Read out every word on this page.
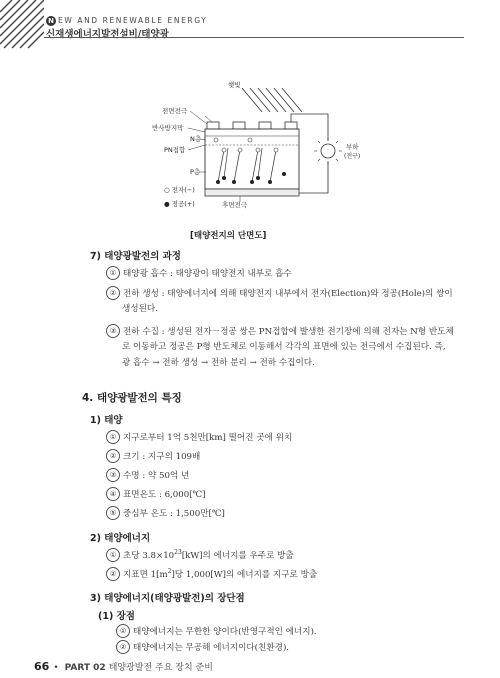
N EW AND RENEWABLE ENERGY
신재생에너지발전설비/태양광
햇빛
부하
(전구)
전면전극
반사방지막
N층
PN접합
P층
○ 전자(−)
● 정공(+)	후면전극
[태양전지의 단면도]
7) 태양광발전의 과정
① 태양광 흡수 : 태양광이 태양전지 내부로 흡수
② 전하 생성 : 태양에너지에 의해 태양전지 내부에서 전자(Election)와 정공(Hole)의 쌍이
생성된다.
③ 전하 수집 : 생성된 전자－정공 쌍은 PN접합에 발생한 전기장에 의해 전자는 N형 반도체
로 이동하고 정공은 P형 반도체로 이동해서 각각의 표면에 있는 전극에서 수집된다. 즉,
광 흡수 → 전하 생성 → 전하 분리 → 전하 수집이다.
4. 태양광발전의 특징
1) 태양
① 지구로부터 1억 5천만[km] 떨어진 곳에 위치
② 크기 : 지구의 109배
③ 수명 : 약 50억 년
④ 표면온도 : 6,000[℃]
⑤ 중심부 온도 : 1,500만[℃]
2) 태양에너지
① 초당 $3.8\times 10^{23}[kW]$의 에너지를 우주로 방출
② 지표면 $1[m^2]$당 1,000[W]의 에너지를 지구로 방출
3) 태양에너지(태양광발전)의 장단점
(1) 장점
① 태양에너지는 무한한 양이다(반영구적인 에너지).
② 태양에너지는 무공해 에너지이다(친환경).
66 • PART 02 태양광발전 주요 장치 준비
